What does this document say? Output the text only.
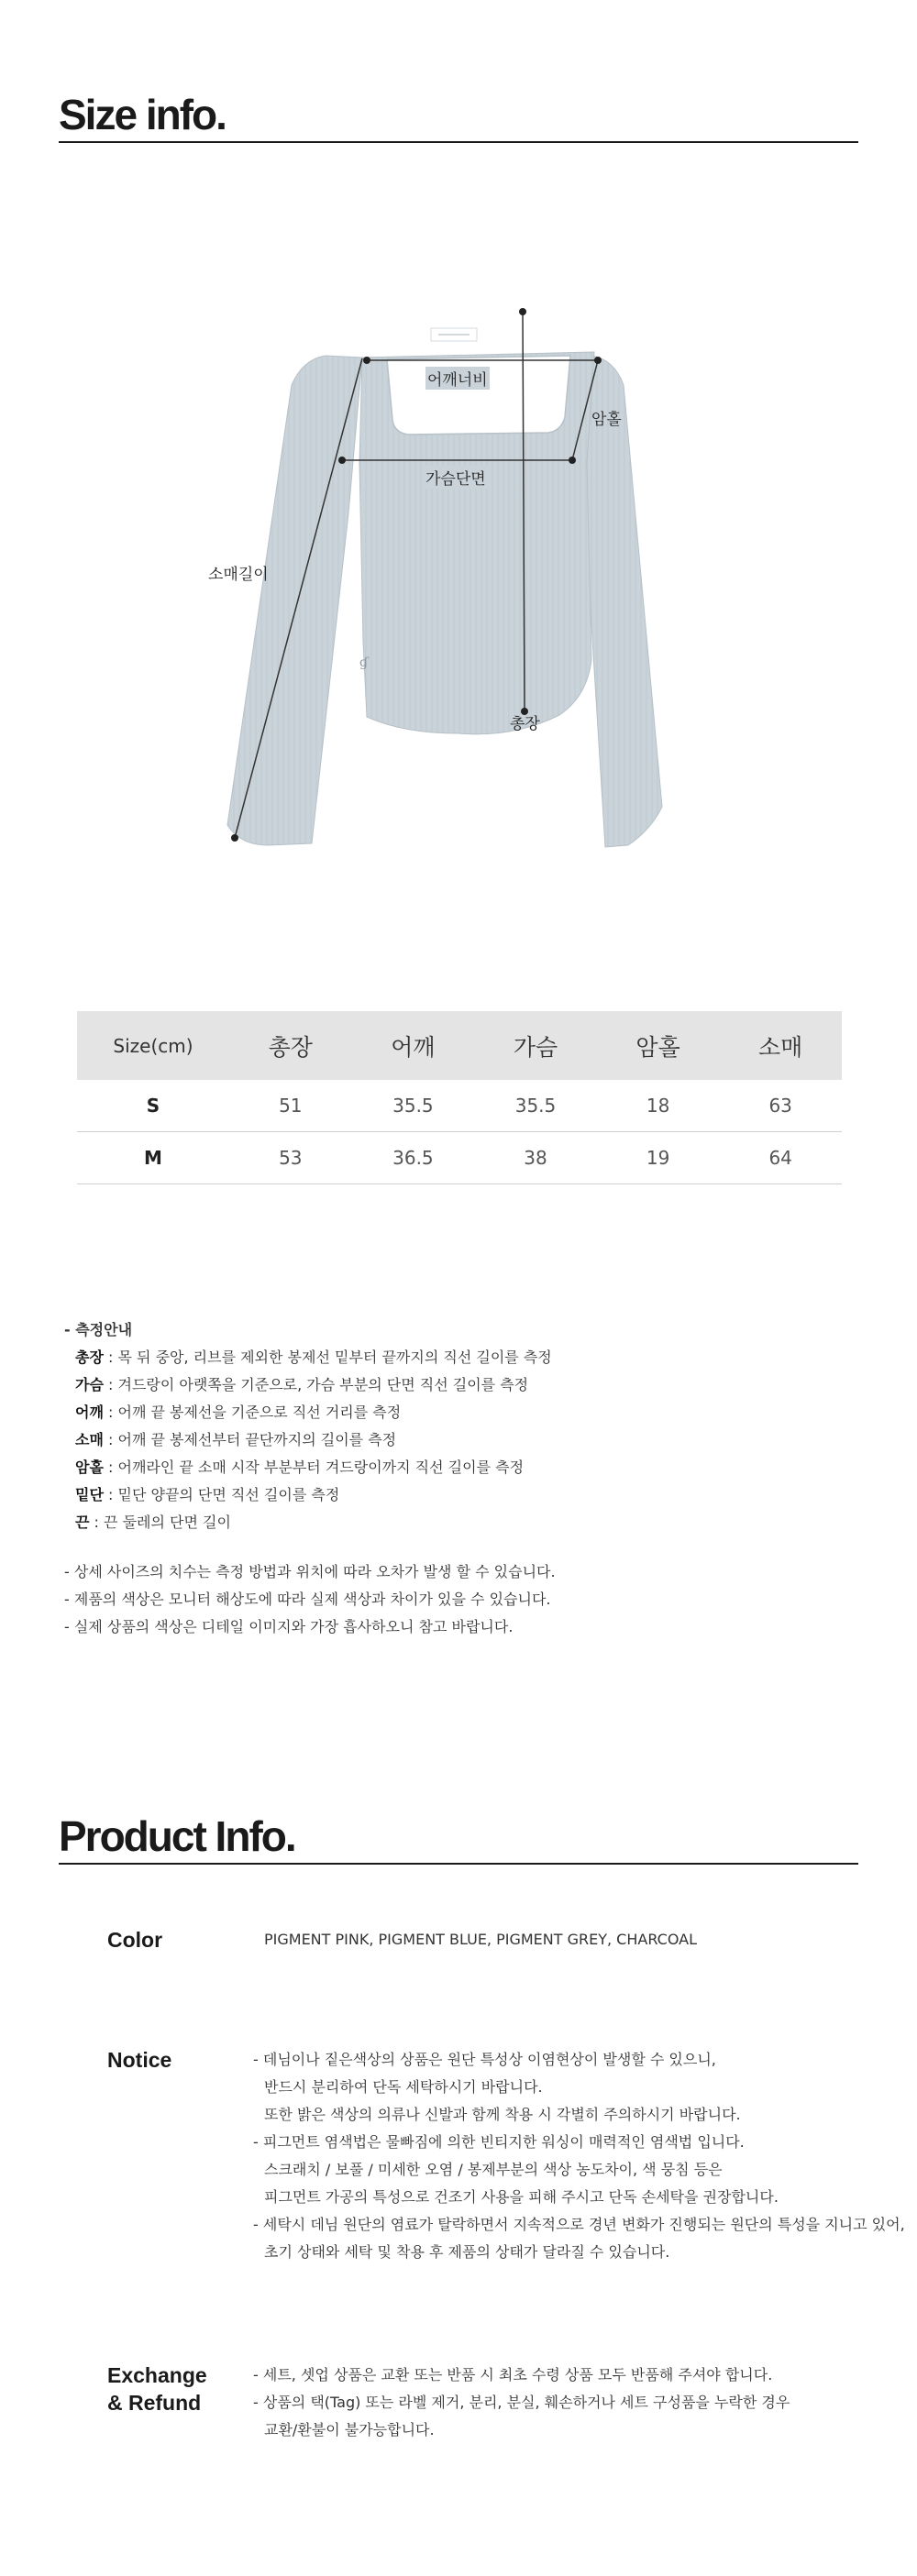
Size info.
ɠ
어깨너비
암홀
가슴단면
소매길이
총장
Size(cm)	총장	어깨	가슴	암홀	소매
S	51	35.5	35.5	18	63
M	53	36.5	38	19	64
- 측정안내
총장 : 목 뒤 중앙, 리브를 제외한 봉제선 밑부터 끝까지의 직선 길이를 측정
가슴 : 겨드랑이 아랫쪽을 기준으로, 가슴 부분의 단면 직선 길이를 측정
어깨 : 어깨 끝 봉제선을 기준으로 직선 거리를 측정
소매 : 어깨 끝 봉제선부터 끝단까지의 길이를 측정
암홀 : 어깨라인 끝 소매 시작 부분부터 겨드랑이까지 직선 길이를 측정
밑단 : 밑단 양끝의 단면 직선 길이를 측정
끈 : 끈 둘레의 단면 길이
- 상세 사이즈의 치수는 측정 방법과 위치에 따라 오차가 발생 할 수 있습니다.
- 제품의 색상은 모니터 해상도에 따라 실제 색상과 차이가 있을 수 있습니다.
- 실제 상품의 색상은 디테일 이미지와 가장 흡사하오니 참고 바랍니다.
Product Info.
Color	PIGMENT PINK, PIGMENT BLUE, PIGMENT GREY, CHARCOAL
Notice	- 데님이나 짙은색상의 상품은 원단 특성상 이염현상이 발생할 수 있으니,
반드시 분리하여 단독 세탁하시기 바랍니다.
또한 밝은 색상의 의류나 신발과 함께 착용 시 각별히 주의하시기 바랍니다.
- 피그먼트 염색법은 물빠짐에 의한 빈티지한 워싱이 매력적인 염색법 입니다.
스크래치 / 보풀 / 미세한 오염 / 봉제부분의 색상 농도차이, 색 뭉침 등은
피그먼트 가공의 특성으로 건조기 사용을 피해 주시고 단독 손세탁을 권장합니다.
- 세탁시 데님 원단의 염료가 탈락하면서 지속적으로 경년 변화가 진행되는 원단의 특성을 지니고 있어,
초기 상태와 세탁 및 착용 후 제품의 상태가 달라질 수 있습니다.
Exchange
& Refund
- 세트, 셋업 상품은 교환 또는 반품 시 최초 수령 상품 모두 반품해 주셔야 합니다.
- 상품의 택(Tag) 또는 라벨 제거, 분리, 분실, 훼손하거나 세트 구성품을 누락한 경우
교환/환불이 불가능합니다.
